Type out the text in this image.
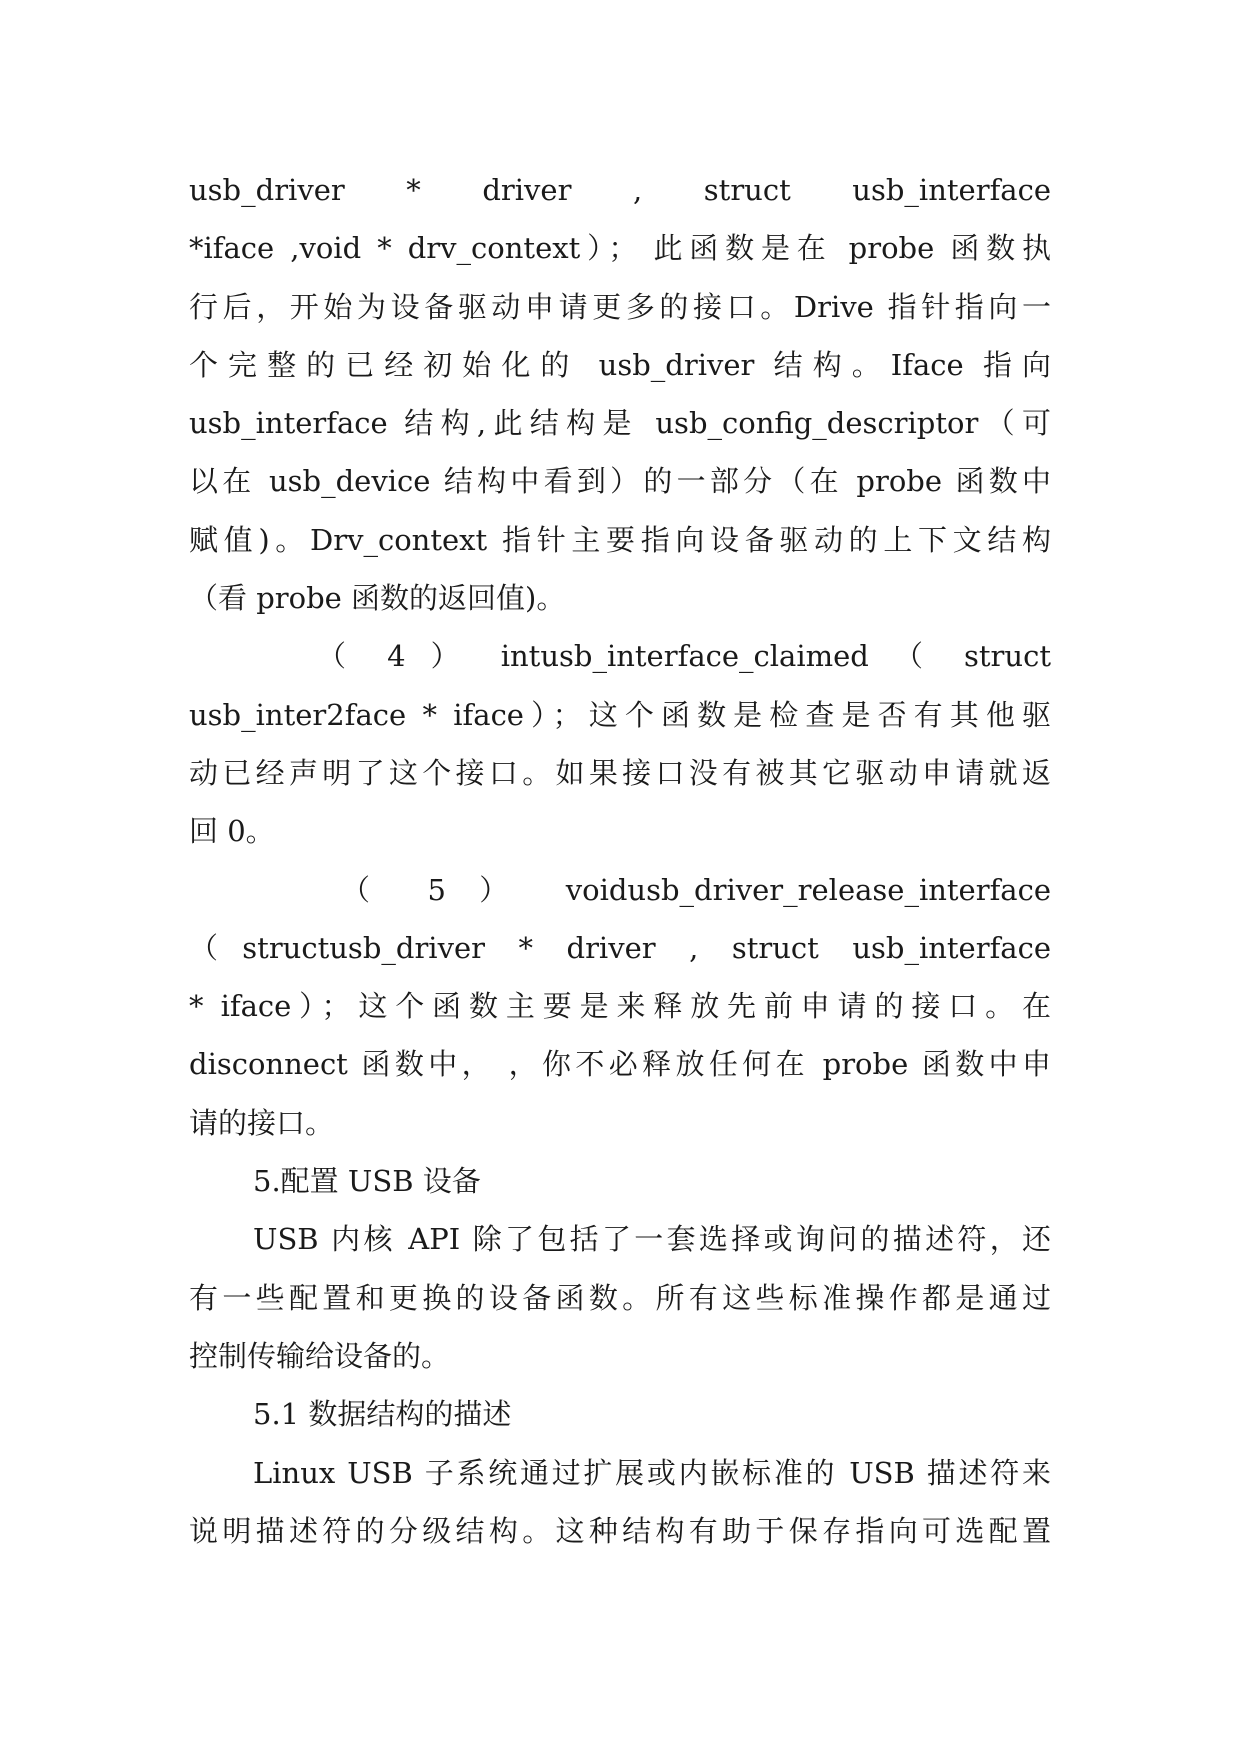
usb_driver * driver , struct usb_interface
*iface ,void * drv_context）； 此函数是在 probe 函数执
行后，开始为设备驱动申请更多的接口。Drive 指针指向一
个完整的已经初始化的 usb_driver 结构。Iface 指向
usb_interface 结构,此结构是 usb_config_descriptor（可
以在 usb_device 结构中看到）的一部分（在 probe 函数中
赋值)。Drv_context 指针主要指向设备驱动的上下文结构
（看 probe 函数的返回值)。
（ 4 ） intusb_interface_claimed （ struct
usb_inter2face * iface）；这个函数是检查是否有其他驱
动已经声明了这个接口。如果接口没有被其它驱动申请就返
回 0。
（ 5 ） voidusb_driver_release_interface
（structusb_driver * driver , struct usb_interface
* iface）；这个函数主要是来释放先前申请的接口。在
disconnect 函数中， ，你不必释放任何在 probe 函数中申
请的接口。
5.配置 USB 设备
USB 内核 API 除了包括了一套选择或询问的描述符，还
有一些配置和更换的设备函数。所有这些标准操作都是通过
控制传输给设备的。
5.1 数据结构的描述
Linux USB 子系统通过扩展或内嵌标准的 USB 描述符来
说明描述符的分级结构。这种结构有助于保存指向可选配置
